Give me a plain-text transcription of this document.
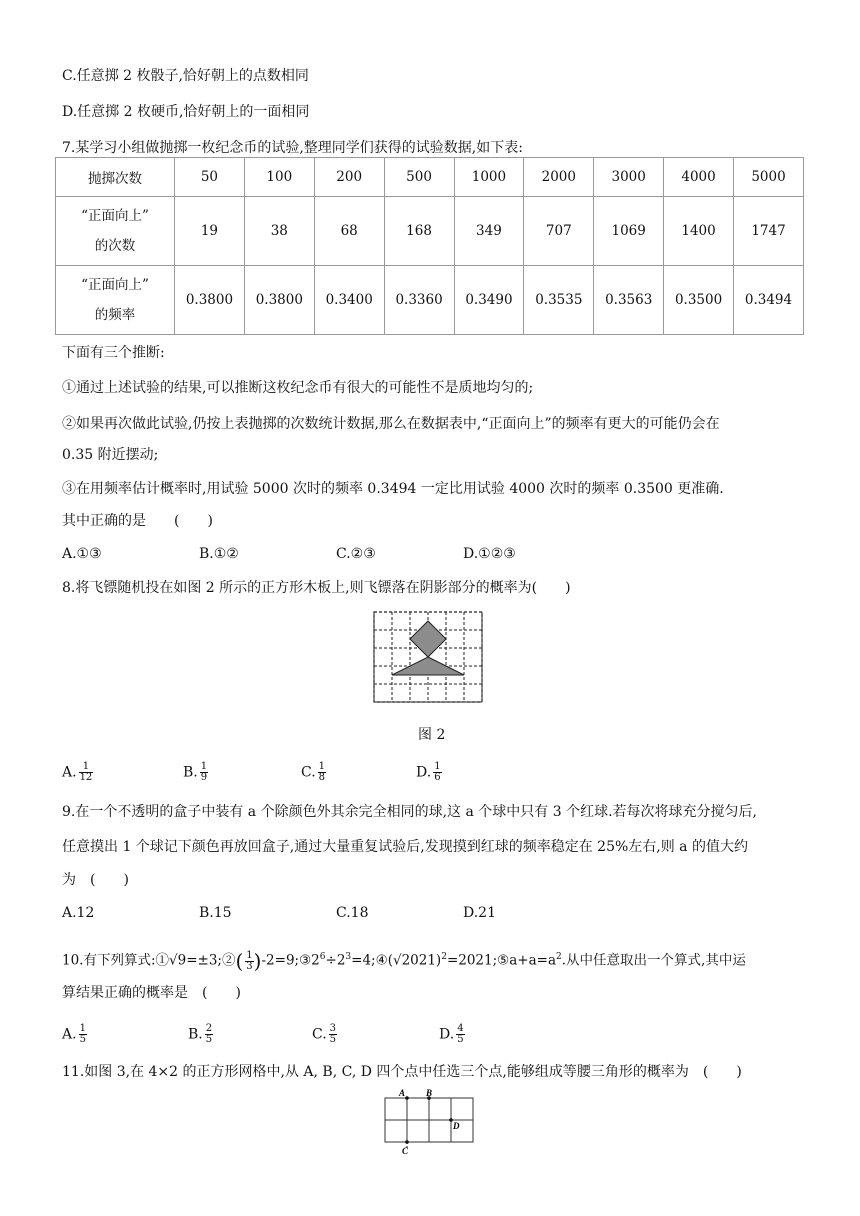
C.任意掷 2 枚骰子,恰好朝上的点数相同
D.任意掷 2 枚硬币,恰好朝上的一面相同
7.某学习小组做抛掷一枚纪念币的试验,整理同学们获得的试验数据,如下表:
抛掷次数	50	100	200	500	1000	2000	3000	4000	5000

“正面向上”
的次数	19	38	68	168	349	707	1069	1400	1747

“正面向上”
的频率	0.3800	0.3800	0.3400	0.3360	0.3490	0.3535	0.3563	0.3500	0.3494
下面有三个推断:
①通过上述试验的结果,可以推断这枚纪念币有很大的可能性不是质地均匀的;
②如果再次做此试验,仍按上表抛掷的次数统计数据,那么在数据表中,“正面向上”的频率有更大的可能仍会在
0.35 附近摆动;
③在用频率估计概率时,用试验 5000 次时的频率 0.3494 一定比用试验 4000 次时的频率 0.3500 更准确.
其中正确的是　　(　　)
A.①③	B.①②	C.②③	D.①②③
8.将飞镖随机投在如图 2 所示的正方形木板上,则飞镖落在阴影部分的概率为(　　)
图 2
A. $\frac{1}{12}$	B. $\frac{1}{9}$	C. $\frac{1}{8}$	D. $\frac{1}{6}$
9.在一个不透明的盒子中装有 a 个除颜色外其余完全相同的球,这 a 个球中只有 3 个红球.若每次将球充分搅匀后,
任意摸出 1 个球记下颜色再放回盒子,通过大量重复试验后,发现摸到红球的频率稳定在 25%左右,则 a 的值大约
为　(　　)
A.12	B.15	C.18	D.21
10.有下列算式:①√9=±3;②( $\frac{1}{3}$ )$-2=9;③2^6\div 2^3=4;④(√2021)^2=2021;⑤a+a=a^2$.从中任意取出一个算式,其中运
算结果正确的概率是　(　　)
A. $\frac{1}{5}$	B. $\frac{2}{5}$	C. $\frac{3}{5}$	D. $\frac{4}{5}$
11.如图 3,在 4×2 的正方形网格中,从 A, B, C, D 四个点中任选三个点,能够组成等腰三角形的概率为　(　　)
A B
C
D
